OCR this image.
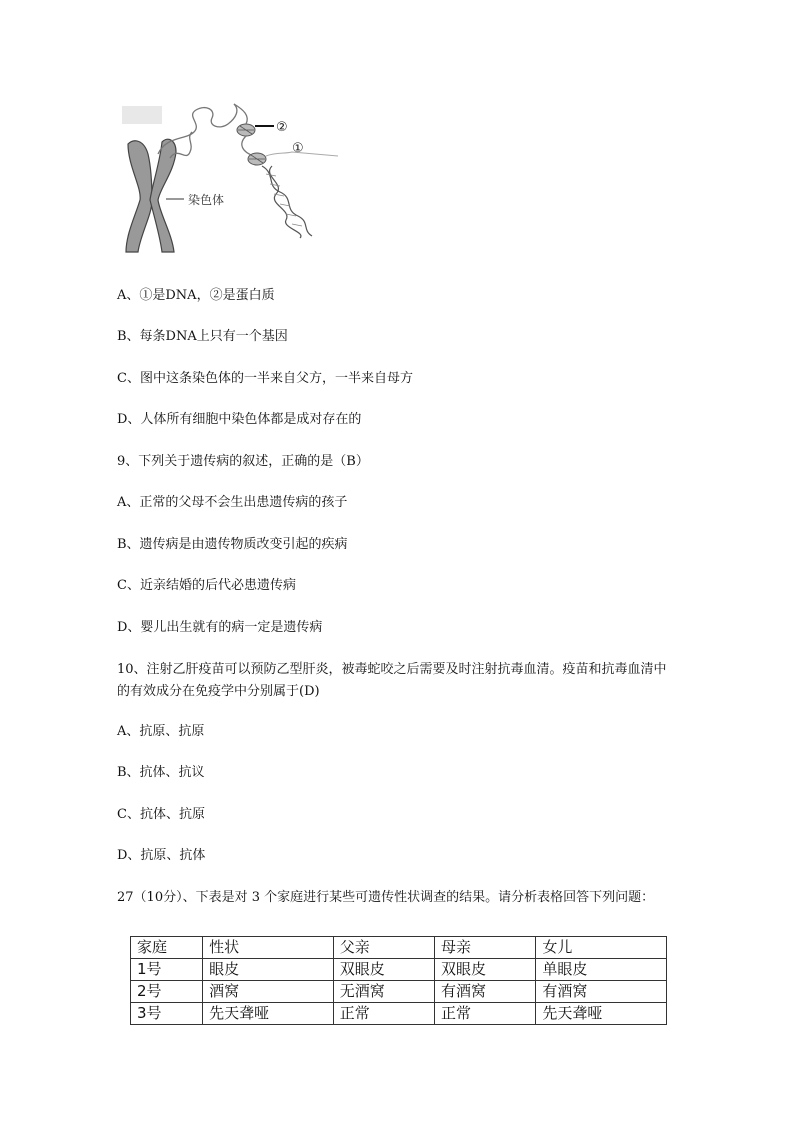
染色体
②
①
A、①是DNA，②是蛋白质
B、每条DNA上只有一个基因
C、图中这条染色体的一半来自父方，一半来自母方
D、人体所有细胞中染色体都是成对存在的
9、下列关于遗传病的叙述，正确的是（B）
A、正常的父母不会生出患遗传病的孩子
B、遗传病是由遗传物质改变引起的疾病
C、近亲结婚的后代必患遗传病
D、婴儿出生就有的病一定是遗传病
10、注射乙肝疫苗可以预防乙型肝炎，被毒蛇咬之后需要及时注射抗毒血清。疫苗和抗毒血清中的有效成分在免疫学中分别属于(D)
A、抗原、抗原
B、抗体、抗议
C、抗体、抗原
D、抗原、抗体
27（10分）、下表是对 3 个家庭进行某些可遗传性状调查的结果。请分析表格回答下列问题：
家庭	性状	父亲	母亲	女儿
1号	眼皮	双眼皮	双眼皮	单眼皮
2号	酒窝	无酒窝	有酒窝	有酒窝
3号	先天聋哑	正常	正常	先天聋哑
